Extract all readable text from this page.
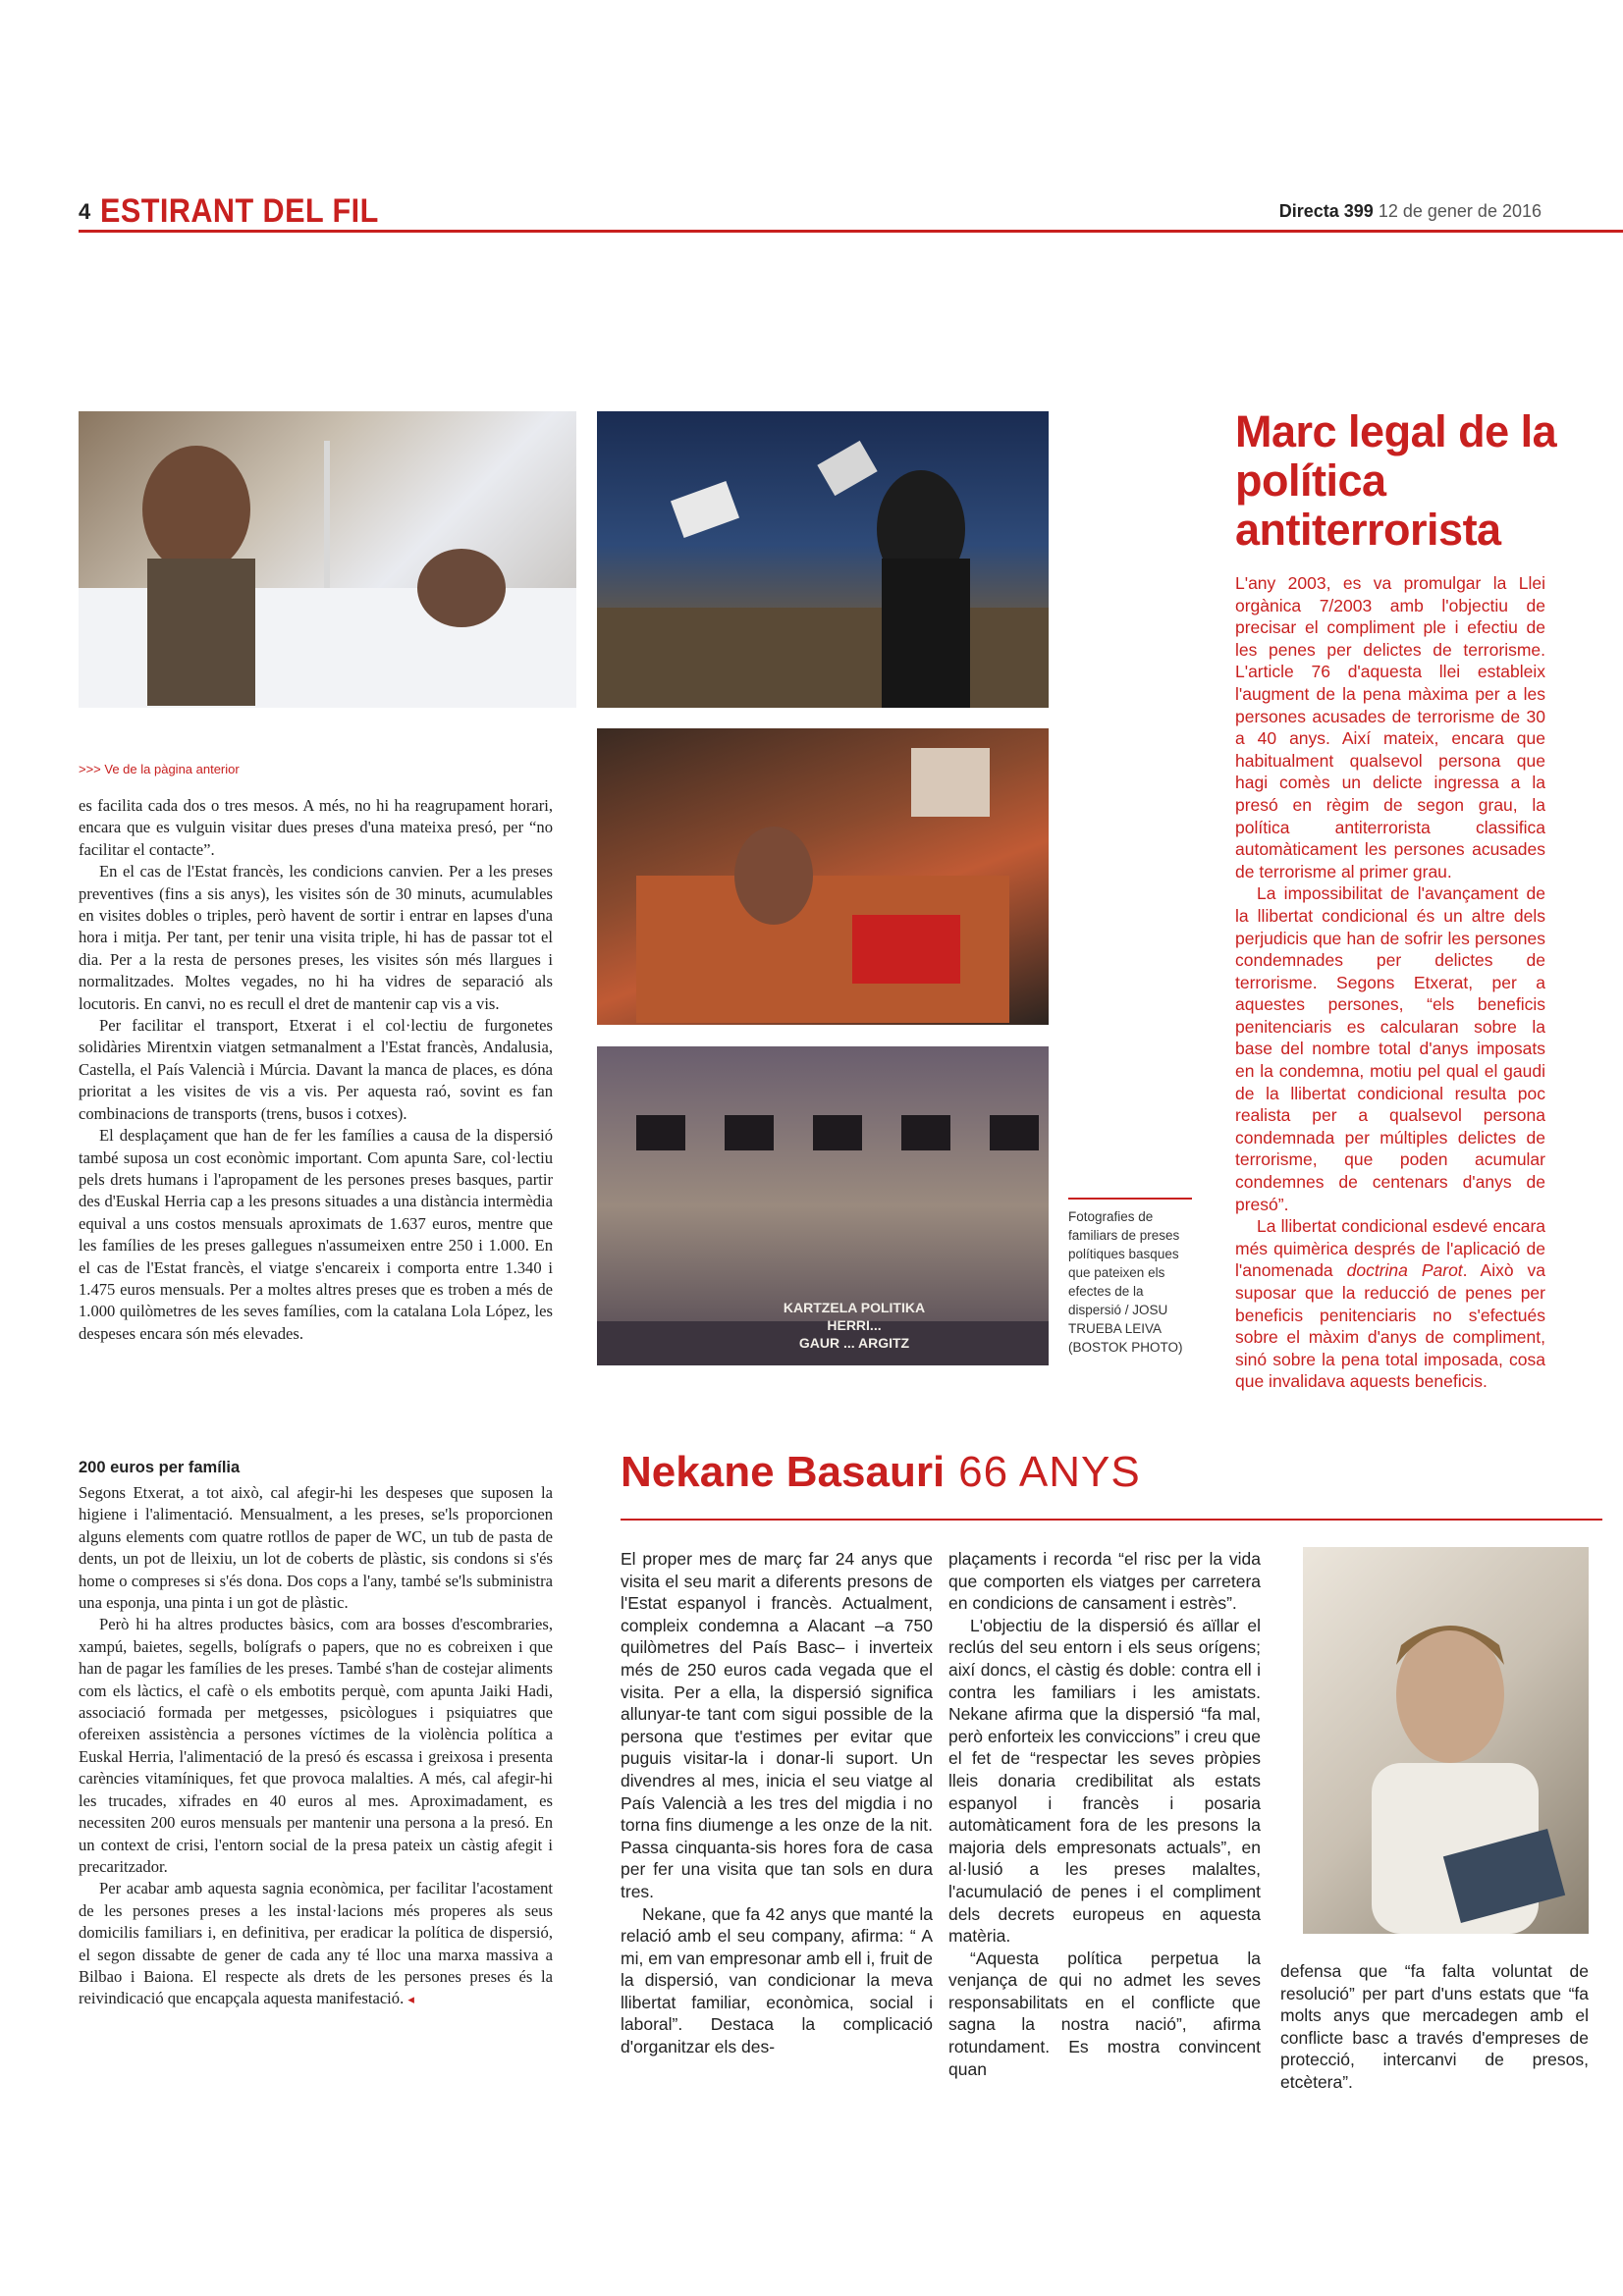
4 ESTIRANT DEL FIL	Directa 399 12 de gener de 2016
KARTZELA POLITIKA HERRI...
GAUR ... ARGITZ
Fotografies de familiars de preses polítiques basques que pateixen els efectes de la dispersió / JOSU TRUEBA LEIVA (BOSTOK PHOTO)
>>> Ve de la pàgina anterior

es facilita cada dos o tres mesos. A més, no hi ha reagrupament horari, encara que es vulguin visitar dues preses d'una mateixa presó, per “no facilitar el contacte”.

En el cas de l'Estat francès, les condicions canvien. Per a les preses preventives (fins a sis anys), les visites són de 30 minuts, acumulables en visites dobles o triples, però havent de sortir i entrar en lapses d'una hora i mitja. Per tant, per tenir una visita triple, hi has de passar tot el dia. Per a la resta de persones preses, les visites són més llargues i normalitzades. Moltes vegades, no hi ha vidres de separació als locutoris. En canvi, no es recull el dret de mantenir cap vis a vis.

Per facilitar el transport, Etxerat i el col·lectiu de furgonetes solidàries Mirentxin viatgen setmanalment a l'Estat francès, Andalusia, Castella, el País Valencià i Múrcia. Davant la manca de places, es dóna prioritat a les visites de vis a vis. Per aquesta raó, sovint es fan combinacions de transports (trens, busos i cotxes).

El desplaçament que han de fer les famílies a causa de la dispersió també suposa un cost econòmic important. Com apunta Sare, col·lectiu pels drets humans i l'apropament de les persones preses basques, partir des d'Euskal Herria cap a les presons situades a una distància intermèdia equival a uns costos mensuals aproximats de 1.637 euros, mentre que les famílies de les preses gallegues n'assumeixen entre 250 i 1.000. En el cas de l'Estat francès, el viatge s'encareix i comporta entre 1.340 i 1.475 euros mensuals. Per a moltes altres preses que es troben a més de 1.000 quilòmetres de les seves famílies, com la catalana Lola López, les despeses encara són més elevades.

200 euros per família

Segons Etxerat, a tot això, cal afegir-hi les despeses que suposen la higiene i l'alimentació. Mensualment, a les preses, se'ls proporcionen alguns elements com quatre rotllos de paper de WC, un tub de pasta de dents, un pot de lleixiu, un lot de coberts de plàstic, sis condons si s'és home o compreses si s'és dona. Dos cops a l'any, també se'ls subministra una esponja, una pinta i un got de plàstic.

Però hi ha altres productes bàsics, com ara bosses d'escombraries, xampú, baietes, segells, bolígrafs o papers, que no es cobreixen i que han de pagar les famílies de les preses. També s'han de costejar aliments com els làctics, el cafè o els embotits perquè, com apunta Jaiki Hadi, associació formada per metgesses, psicòlogues i psiquiatres que ofereixen assistència a persones víctimes de la violència política a Euskal Herria, l'alimentació de la presó és escassa i greixosa i presenta carències vitamíniques, fet que provoca malalties. A més, cal afegir-hi les trucades, xifrades en 40 euros al mes. Aproximadament, es necessiten 200 euros mensuals per mantenir una persona a la presó. En un context de crisi, l'entorn social de la presa pateix un càstig afegit i precaritzador.

Per acabar amb aquesta sagnia econòmica, per facilitar l'acostament de les persones preses a les instal·lacions més properes als seus domicilis familiars i, en definitiva, per eradicar la política de dispersió, el segon dissabte de gener de cada any té lloc una marxa massiva a Bilbao i Baiona. El respecte als drets de les persones preses és la reivindicació que encapçala aquesta manifestació. ◂

Marc legal de la política antiterrorista

L'any 2003, es va promulgar la Llei orgànica 7/2003 amb l'objectiu de precisar el compliment ple i efectiu de les penes per delictes de terrorisme. L'article 76 d'aquesta llei estableix l'augment de la pena màxima per a les persones acusades de terrorisme de 30 a 40 anys. Així mateix, encara que habitualment qualsevol persona que hagi comès un delicte ingressa a la presó en règim de segon grau, la política antiterrorista classifica automàticament les persones acusades de terrorisme al primer grau.

La impossibilitat de l'avançament de la llibertat condicional és un altre dels perjudicis que han de sofrir les persones condemnades per delictes de terrorisme. Segons Etxerat, per a aquestes persones, “els beneficis penitenciaris es calcularan sobre la base del nombre total d'anys imposats en la condemna, motiu pel qual el gaudi de la llibertat condicional resulta poc realista per a qualsevol persona condemnada per múltiples delictes de terrorisme, que poden acumular condemnes de centenars d'anys de presó”.

La llibertat condicional esdevé encara més quimèrica després de l'aplicació de l'anomenada doctrina Parot. Això va suposar que la reducció de penes per beneficis penitenciaris no s'efectués sobre el màxim d'anys de compliment, sinó sobre la pena total imposada, cosa que invalidava aquests beneficis.

Nekane Basauri 66 ANYS

El proper mes de març far 24 anys que visita el seu marit a diferents presons de l'Estat espanyol i francès. Actualment, compleix condemna a Alacant –a 750 quilòmetres del País Basc– i inverteix més de 250 euros cada vegada que el visita. Per a ella, la dispersió significa allunyar-te tant com sigui possible de la persona que t'estimes per evitar que puguis visitar-la i donar-li suport. Un divendres al mes, inicia el seu viatge al País Valencià a les tres del migdia i no torna fins diumenge a les onze de la nit. Passa cinquanta-sis hores fora de casa per fer una visita que tan sols en dura tres.

Nekane, que fa 42 anys que manté la relació amb el seu company, afirma: “ A mi, em van empresonar amb ell i, fruit de la dispersió, van condicionar la meva llibertat familiar, econòmica, social i laboral”. Destaca la complicació d'organitzar els des-

plaçaments i recorda “el risc per la vida que comporten els viatges per carretera en condicions de cansament i estrès”.

L'objectiu de la dispersió és aïllar el reclús del seu entorn i els seus orígens; així doncs, el càstig és doble: contra ell i contra les familiars i les amistats. Nekane afirma que la dispersió “fa mal, però enforteix les conviccions” i creu que el fet de “respectar les seves pròpies lleis donaria credibilitat als estats espanyol i francès i posaria automàticament fora de les presons la majoria dels empresonats actuals”, en al·lusió a les preses malaltes, l'acumulació de penes i el compliment dels decrets europeus en aquesta matèria.

“Aquesta política perpetua la venjança de qui no admet les seves responsabilitats en el conflicte que sagna la nostra nació”, afirma rotundament. Es mostra convincent quan

defensa que “fa falta voluntat de resolució” per part d'uns estats que “fa molts anys que mercadegen amb el conflicte basc a través d'empreses de protecció, intercanvi de presos, etcètera”.
